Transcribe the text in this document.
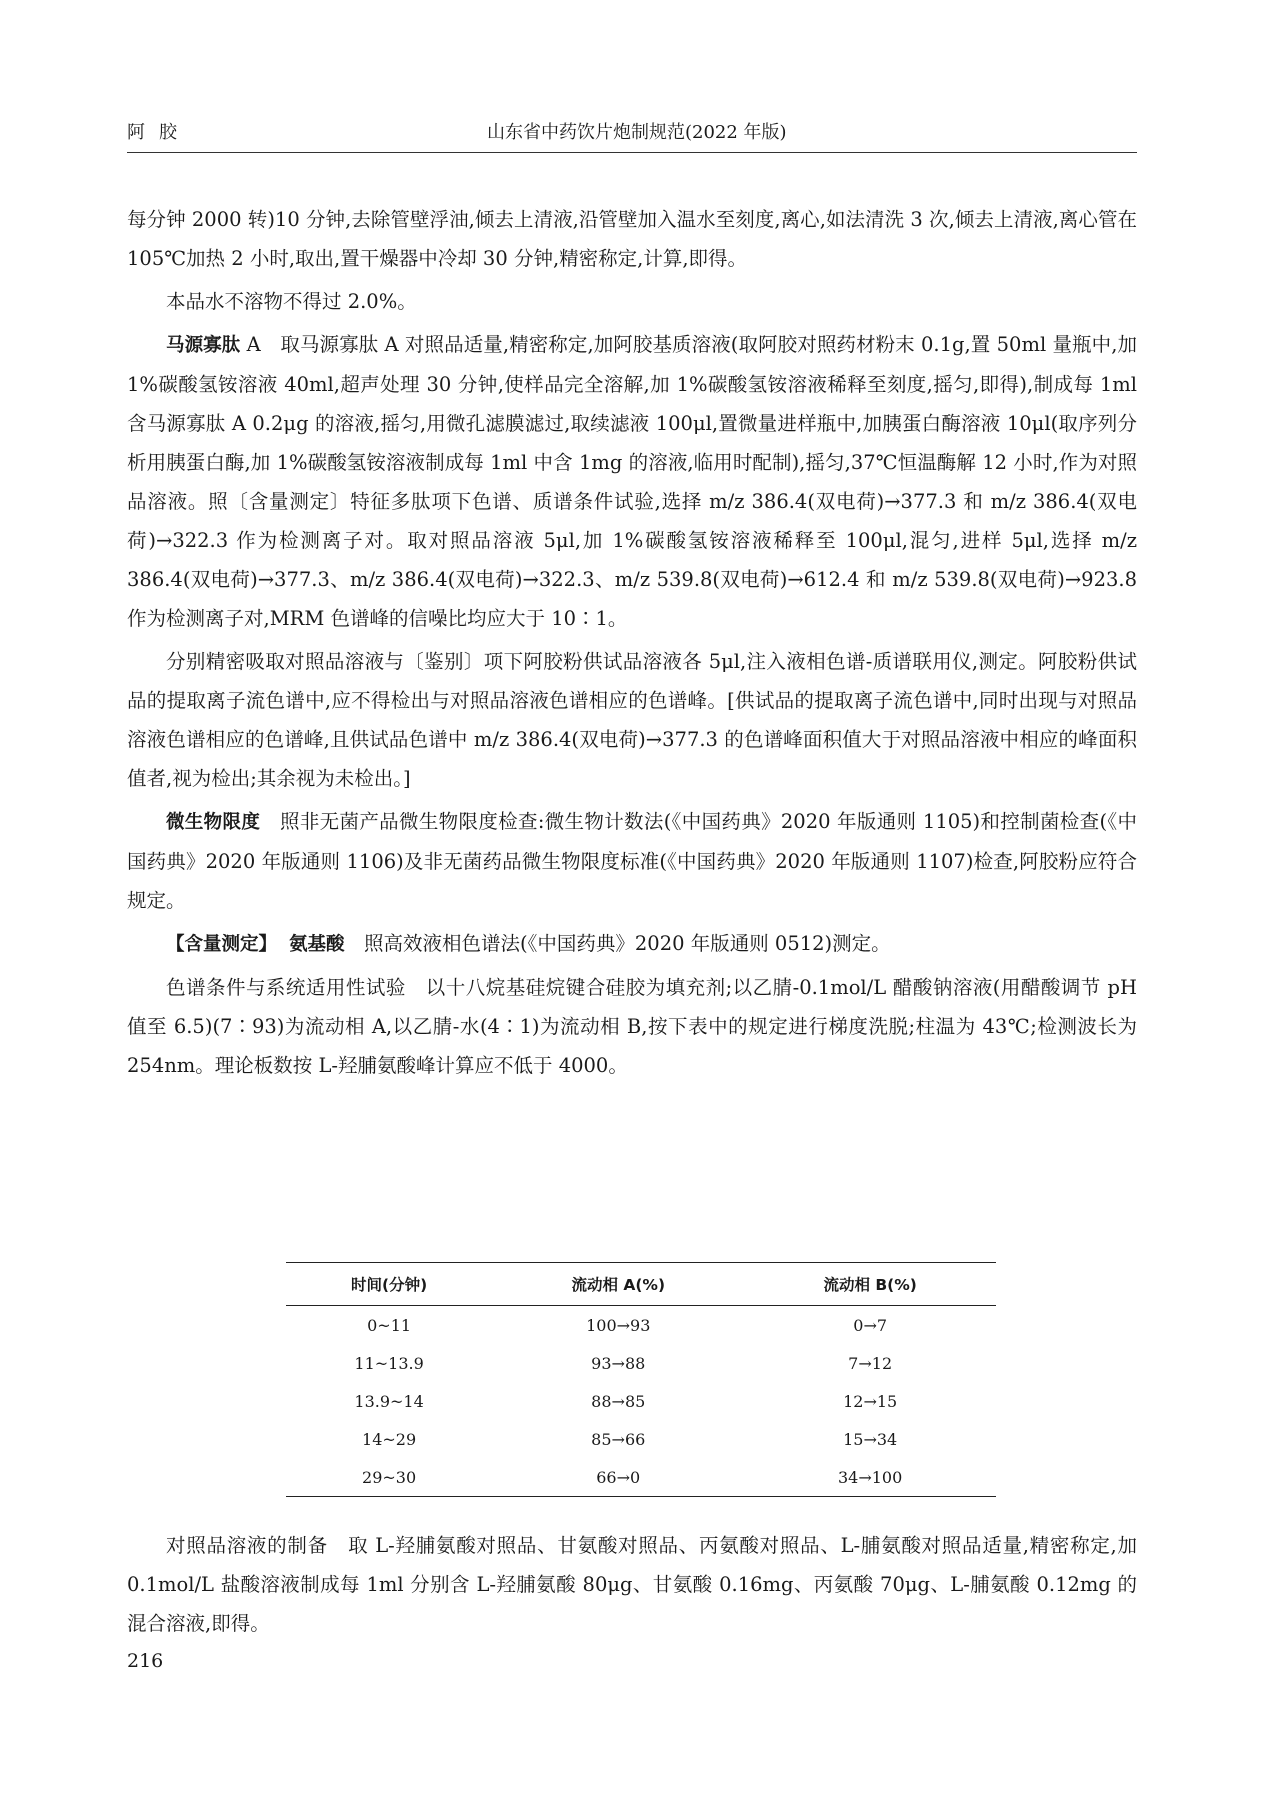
阿胶	山东省中药饮片炮制规范(2022 年版)

每分钟 2000 转)10 分钟,去除管壁浮油,倾去上清液,沿管壁加入温水至刻度,离心,如法清洗 3 次,倾去上清液,离心管在 105℃加热 2 小时,取出,置干燥器中冷却 30 分钟,精密称定,计算,即得。

本品水不溶物不得过 2.0%。

马源寡肽 A　取马源寡肽 A 对照品适量,精密称定,加阿胶基质溶液(取阿胶对照药材粉末 0.1g,置 50ml 量瓶中,加 1%碳酸氢铵溶液 40ml,超声处理 30 分钟,使样品完全溶解,加 1%碳酸氢铵溶液稀释至刻度,摇匀,即得),制成每 1ml 含马源寡肽 A 0.2μg 的溶液,摇匀,用微孔滤膜滤过,取续滤液 100μl,置微量进样瓶中,加胰蛋白酶溶液 10μl(取序列分析用胰蛋白酶,加 1%碳酸氢铵溶液制成每 1ml 中含 1mg 的溶液,临用时配制),摇匀,37℃恒温酶解 12 小时,作为对照品溶液。照〔含量测定〕特征多肽项下色谱、质谱条件试验,选择 m/z 386.4(双电荷)→377.3 和 m/z 386.4(双电荷)→322.3 作为检测离子对。取对照品溶液 5μl,加 1%碳酸氢铵溶液稀释至 100μl,混匀,进样 5μl,选择 m/z 386.4(双电荷)→377.3、m/z 386.4(双电荷)→322.3、m/z 539.8(双电荷)→612.4 和 m/z 539.8(双电荷)→923.8 作为检测离子对,MRM 色谱峰的信噪比均应大于 10∶1。

分别精密吸取对照品溶液与〔鉴别〕项下阿胶粉供试品溶液各 5μl,注入液相色谱-质谱联用仪,测定。阿胶粉供试品的提取离子流色谱中,应不得检出与对照品溶液色谱相应的色谱峰。[供试品的提取离子流色谱中,同时出现与对照品溶液色谱相应的色谱峰,且供试品色谱中 m/z 386.4(双电荷)→377.3 的色谱峰面积值大于对照品溶液中相应的峰面积值者,视为检出;其余视为未检出。]

微生物限度　照非无菌产品微生物限度检查:微生物计数法(《中国药典》2020 年版通则 1105)和控制菌检查(《中国药典》2020 年版通则 1106)及非无菌药品微生物限度标准(《中国药典》2020 年版通则 1107)检查,阿胶粉应符合规定。

【含量测定】 氨基酸　照高效液相色谱法(《中国药典》2020 年版通则 0512)测定。

色谱条件与系统适用性试验　以十八烷基硅烷键合硅胶为填充剂;以乙腈-0.1mol/L 醋酸钠溶液(用醋酸调节 pH 值至 6.5)(7∶93)为流动相 A,以乙腈-水(4∶1)为流动相 B,按下表中的规定进行梯度洗脱;柱温为 43℃;检测波长为 254nm。理论板数按 L-羟脯氨酸峰计算应不低于 4000。

时间(分钟)	流动相 A(%)	流动相 B(%)
0~11	100→93	0→7
11~13.9	93→88	7→12
13.9~14	88→85	12→15
14~29	85→66	15→34
29~30	66→0	34→100

对照品溶液的制备　取 L-羟脯氨酸对照品、甘氨酸对照品、丙氨酸对照品、L-脯氨酸对照品适量,精密称定,加 0.1mol/L 盐酸溶液制成每 1ml 分别含 L-羟脯氨酸 80μg、甘氨酸 0.16mg、丙氨酸 70μg、L-脯氨酸 0.12mg 的混合溶液,即得。

216
